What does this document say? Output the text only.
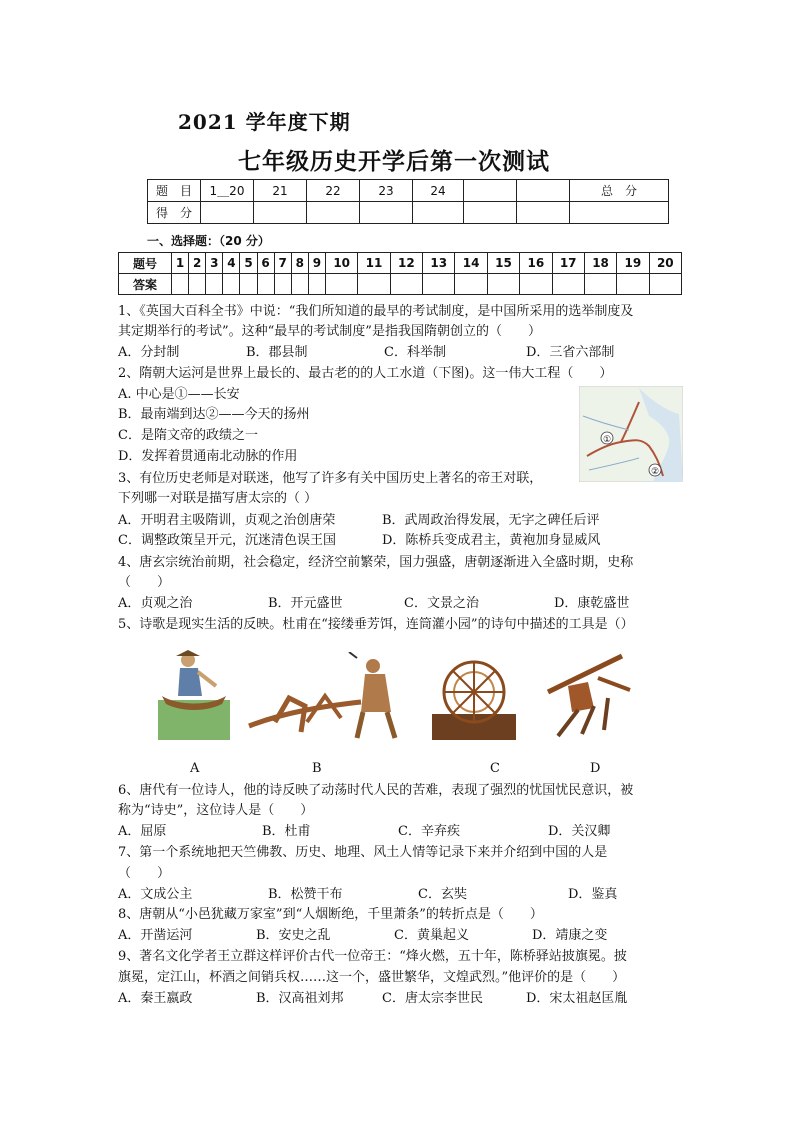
2021 学年度下期
七年级历史开学后第一次测试
题　目	1＿20	21	22	23	24			总　分
得　分								
一、选择题：（20 分）
题号	1	2	3	4	5	6	7	8	9	10	11	12	13	14	15	16	17	18	19	20
答案																				
1、《英国大百科全书》中说：“我们所知道的最早的考试制度，是中国所采用的选举制度及
其定期举行的考试”。这种“最早的考试制度”是指我国隋朝创立的（　　）
A．分封制	B．郡县制	C．科举制	D．三省六部制
2、隋朝大运河是世界上最长的、最古老的的人工水道（下图)。这一伟大工程（　　）
A. 中心是①——长安
B．最南端到达②——今天的扬州
C．是隋文帝的政绩之一
D．发挥着贯通南北动脉的作用
①
②
3、有位历史老师是对联迷，他写了许多有关中国历史上著名的帝王对联，
下列哪一对联是描写唐太宗的（ ）
A．开明君主吸隋训，贞观之治创唐荣	B．武周政治得发展，无字之碑任后评
C．调整政策呈开元，沉迷清色误王国	D．陈桥兵变成君主，黄袍加身显威风
4、唐玄宗统治前期，社会稳定，经济空前繁荣，国力强盛，唐朝逐渐进入全盛时期，史称
（　　）
A．贞观之治	B．开元盛世	C．文景之治	D．康乾盛世
5、诗歌是现实生活的反映。杜甫在“接缕垂芳饵，连筒灌小园”的诗句中描述的工具是（）
A	B	C	D
6、唐代有一位诗人，他的诗反映了动荡时代人民的苦难，表现了强烈的忧国忧民意识，被
称为“诗史”，这位诗人是（　　）
A．屈原	B．杜甫	C．辛弃疾	D．关汉卿
7、第一个系统地把天竺佛教、历史、地理、风土人情等记录下来并介绍到中国的人是
（　　）
A．文成公主	B．松赞干布	C．玄奘	D．鉴真
8、唐朝从“小邑犹藏万家室”到“人烟断绝，千里萧条”的转折点是（　　）
A．开凿运河	B．安史之乱	C．黄巢起义	D．靖康之变
9、著名文化学者王立群这样评价古代一位帝王：“烽火燃，五十年，陈桥驿站披旗冕。披
旗冕，定江山，杯酒之间销兵权……这一个，盛世繁华，文煌武烈。”他评价的是（　　）
A．秦王嬴政	B．汉高祖刘邦	C．唐太宗李世民	D．宋太祖赵匡胤
